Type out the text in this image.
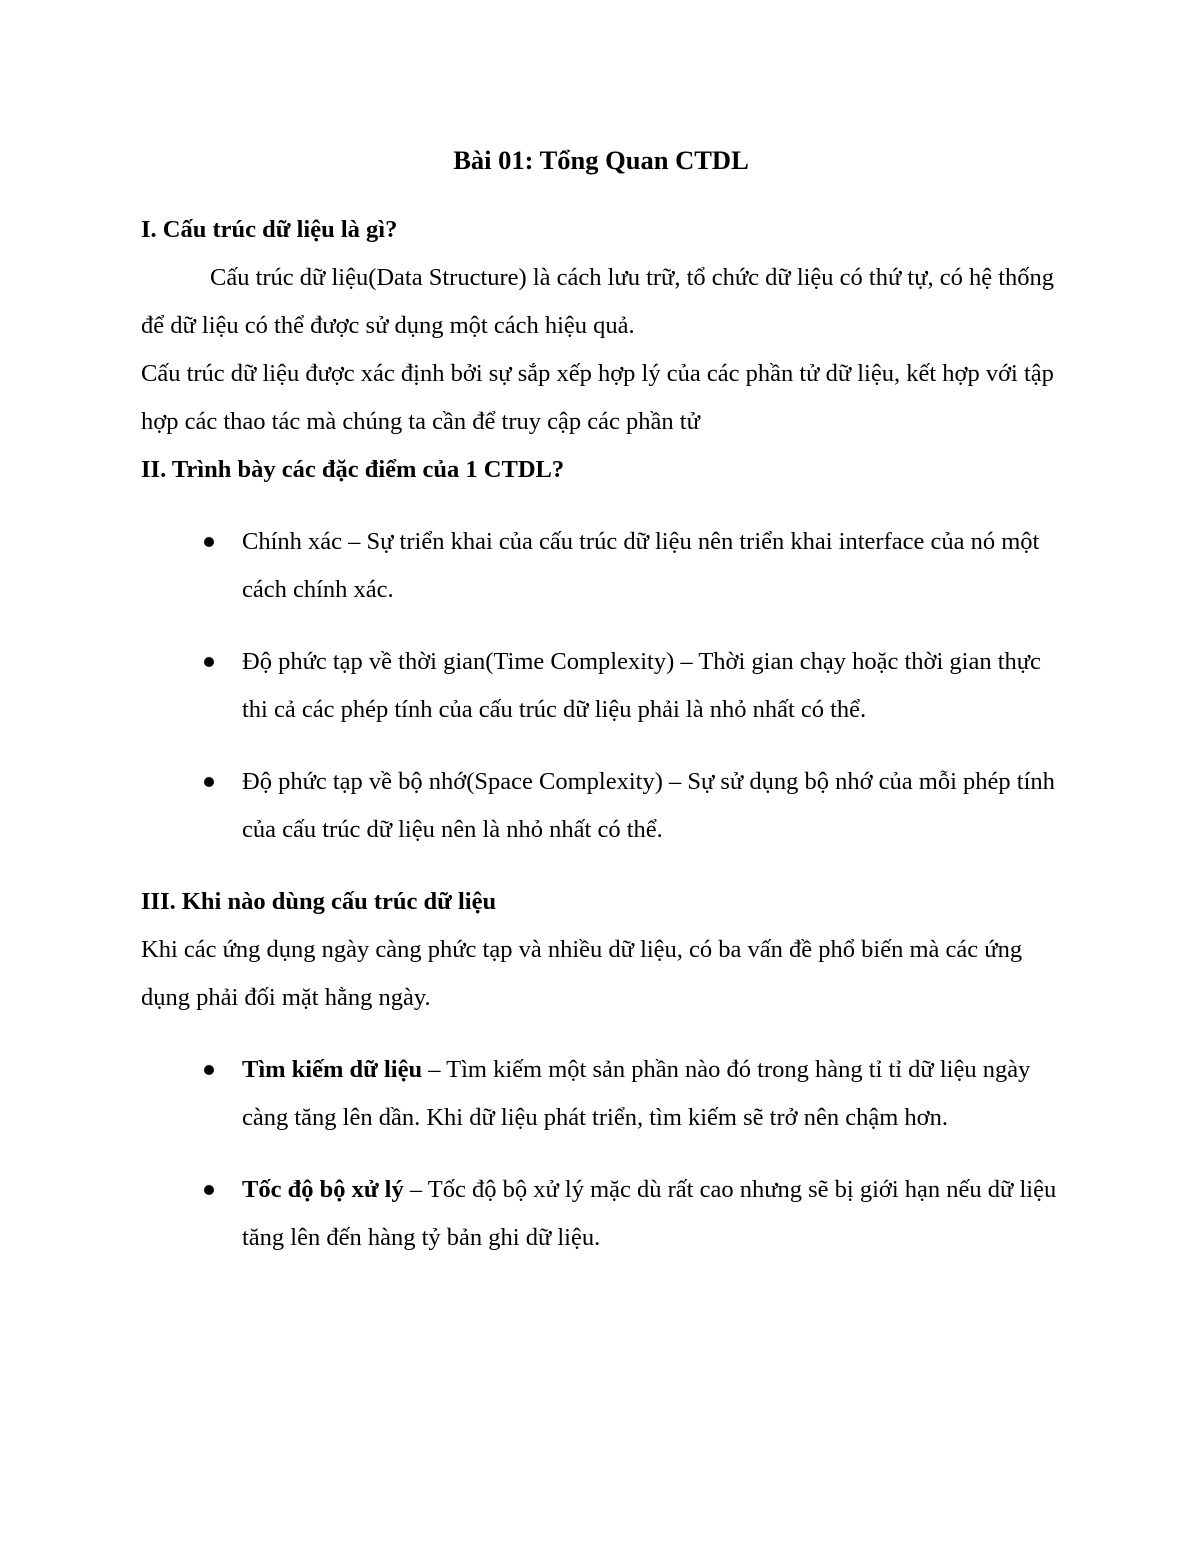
Bài 01: Tổng Quan CTDL

I. Cấu trúc dữ liệu là gì?

Cấu trúc dữ liệu(Data Structure) là cách lưu trữ, tổ chức dữ liệu có thứ tự, có hệ thống để dữ liệu có thể được sử dụng một cách hiệu quả.

Cấu trúc dữ liệu được xác định bởi sự sắp xếp hợp lý của các phần tử dữ liệu, kết hợp với tập hợp các thao tác mà chúng ta cần để truy cập các phần tử

II. Trình bày các đặc điểm của 1 CTDL?

Chính xác – Sự triển khai của cấu trúc dữ liệu nên triển khai interface của nó một cách chính xác.
Độ phức tạp về thời gian(Time Complexity) – Thời gian chạy hoặc thời gian thực thi cả các phép tính của cấu trúc dữ liệu phải là nhỏ nhất có thể.
Độ phức tạp về bộ nhớ(Space Complexity) – Sự sử dụng bộ nhớ của mỗi phép tính của cấu trúc dữ liệu nên là nhỏ nhất có thể.

III. Khi nào dùng cấu trúc dữ liệu

Khi các ứng dụng ngày càng phức tạp và nhiều dữ liệu, có ba vấn đề phổ biến mà các ứng dụng phải đối mặt hằng ngày.

Tìm kiếm dữ liệu – Tìm kiếm một sản phần nào đó trong hàng tỉ tỉ dữ liệu ngày càng tăng lên dần. Khi dữ liệu phát triển, tìm kiếm sẽ trở nên chậm hơn.
Tốc độ bộ xử lý – Tốc độ bộ xử lý mặc dù rất cao nhưng sẽ bị giới hạn nếu dữ liệu tăng lên đến hàng tỷ bản ghi dữ liệu.
